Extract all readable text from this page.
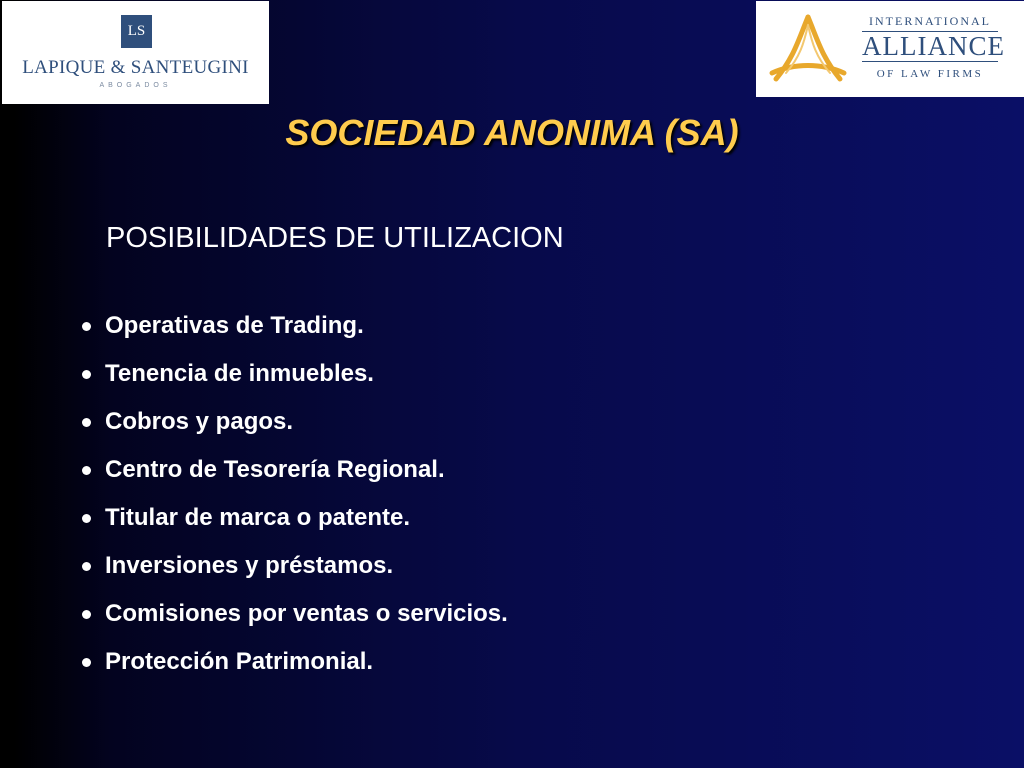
LS
LAPIQUE & SANTEUGINI
ABOGADOS
INTERNATIONAL
ALLIANCE
OF LAW FIRMS
SOCIEDAD ANONIMA (SA)
POSIBILIDADES DE UTILIZACION
Operativas de Trading.
Tenencia de inmuebles.
Cobros y pagos.
Centro de Tesorería Regional.
Titular de marca o patente.
Inversiones y préstamos.
Comisiones por ventas o servicios.
Protección Patrimonial.
